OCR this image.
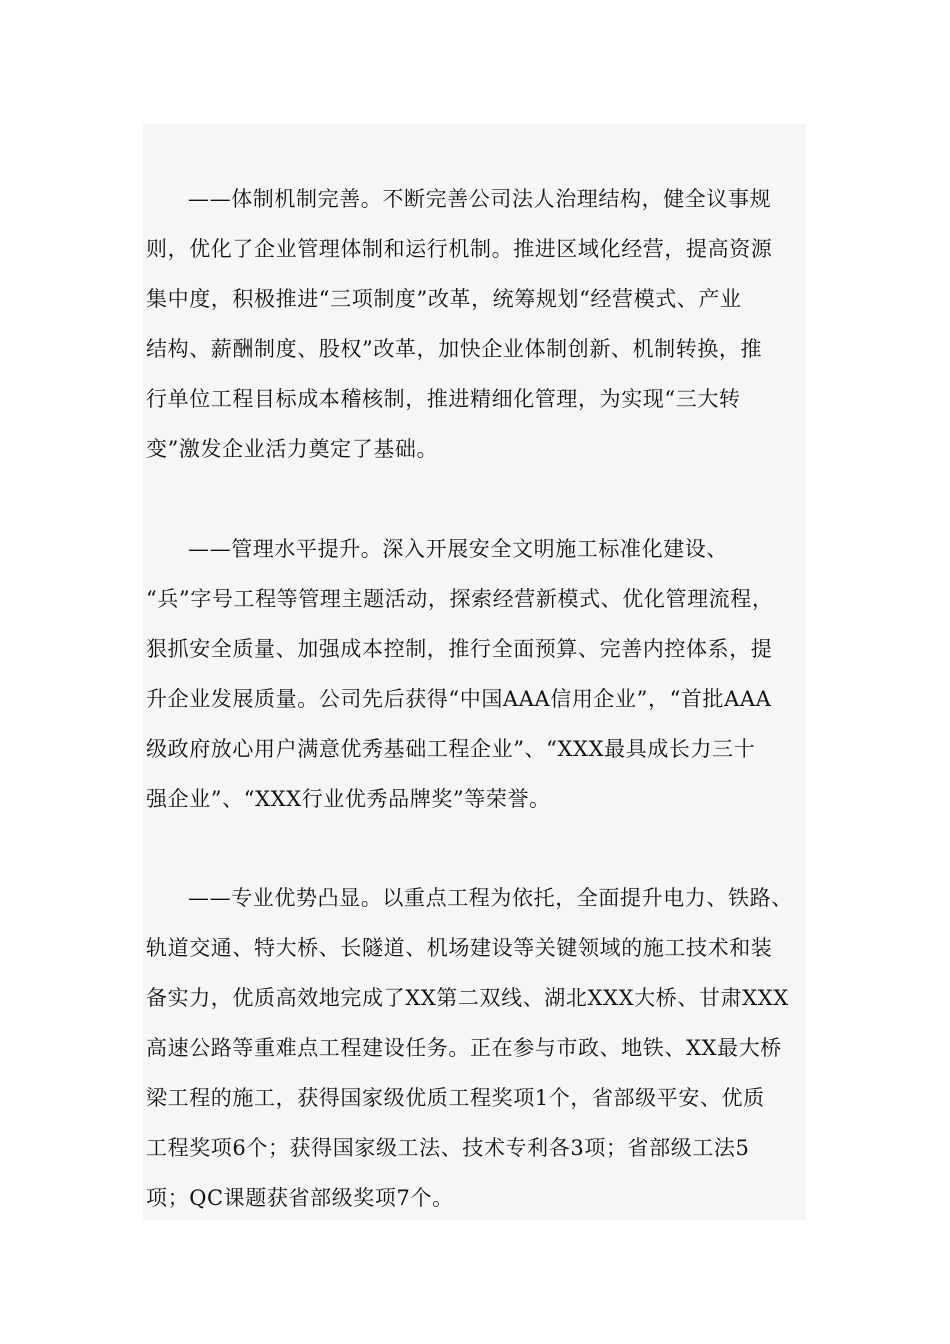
——体制机制完善。不断完善公司法人治理结构，健全议事规
则，优化了企业管理体制和运行机制。推进区域化经营，提高资源
集中度，积极推进“三项制度”改革，统筹规划“经营模式、产业
结构、薪酬制度、股权”改革，加快企业体制创新、机制转换，推
行单位工程目标成本稽核制，推进精细化管理，为实现“三大转
变”激发企业活力奠定了基础。
——管理水平提升。深入开展安全文明施工标准化建设、
“兵”字号工程等管理主题活动，探索经营新模式、优化管理流程，
狠抓安全质量、加强成本控制，推行全面预算、完善内控体系，提
升企业发展质量。公司先后获得“中国AAA信用企业”，“首批AAA
级政府放心用户满意优秀基础工程企业”、“XXX最具成长力三十
强企业”、“XXX行业优秀品牌奖”等荣誉。
——专业优势凸显。以重点工程为依托，全面提升电力、铁路、
轨道交通、特大桥、长隧道、机场建设等关键领域的施工技术和装
备实力，优质高效地完成了XX第二双线、湖北XXX大桥、甘肃XXX
高速公路等重难点工程建设任务。正在参与市政、地铁、XX最大桥
梁工程的施工，获得国家级优质工程奖项1个，省部级平安、优质
工程奖项6个；获得国家级工法、技术专利各3项；省部级工法5
项；QC课题获省部级奖项7个。
